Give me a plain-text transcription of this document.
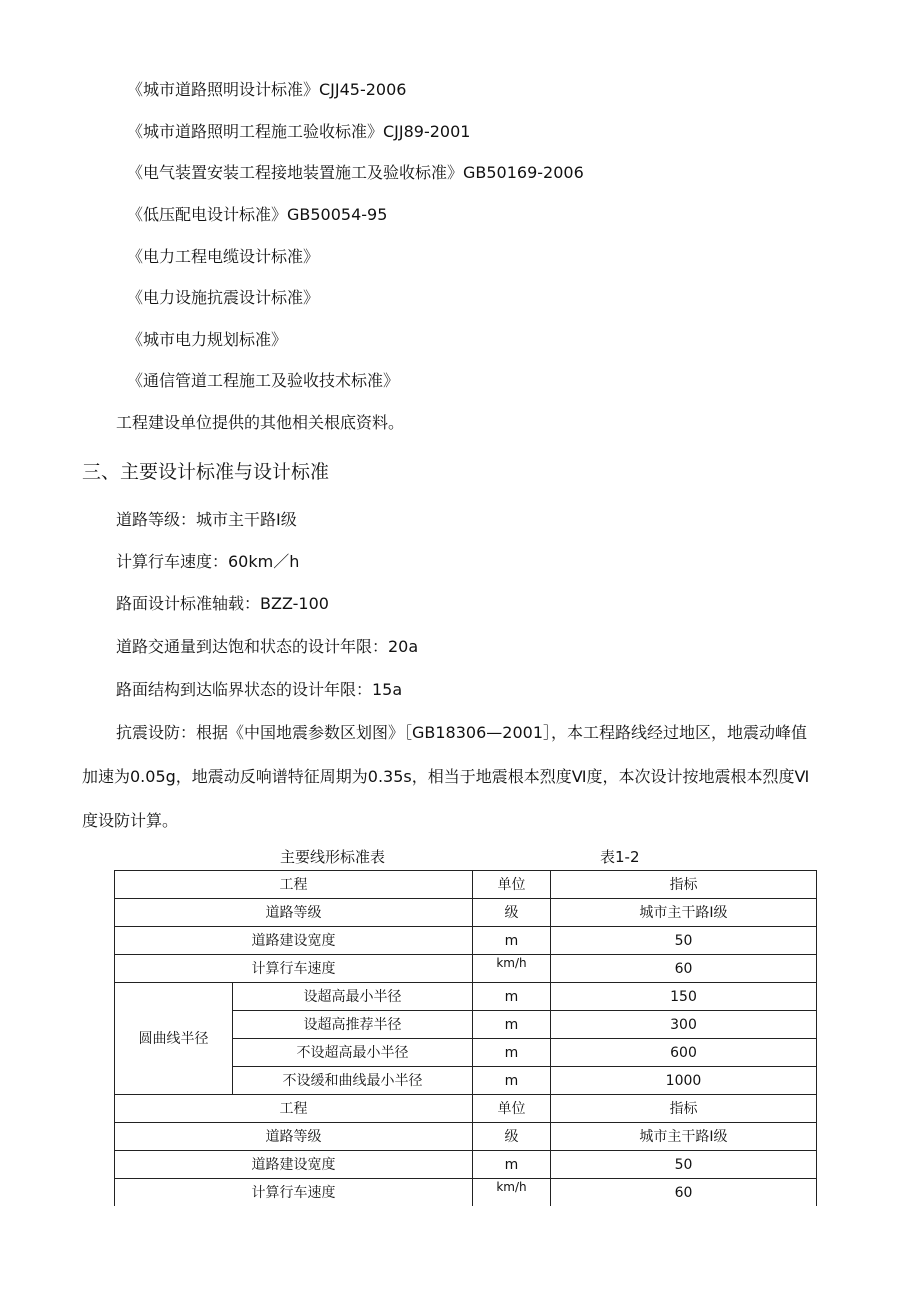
《城市道路照明设计标准》CJJ45-2006
《城市道路照明工程施工验收标准》CJJ89-2001
《电气装置安装工程接地装置施工及验收标准》GB50169-2006
《低压配电设计标准》GB50054-95
《电力工程电缆设计标准》
《电力设施抗震设计标准》
《城市电力规划标准》
《通信管道工程施工及验收技术标准》
工程建设单位提供的其他相关根底资料。
三、主要设计标准与设计标准
道路等级：城市主干路Ⅰ级
计算行车速度：60km／h
路面设计标准轴载：BZZ-100
道路交通量到达饱和状态的设计年限：20a
路面结构到达临界状态的设计年限：15a
抗震设防：根据《中国地震参数区划图》［GB18306—2001］，本工程路线经过地区，地震动峰值
加速为0.05g，地震动反响谱特征周期为0.35s，相当于地震根本烈度Ⅵ度，本次设计按地震根本烈度Ⅵ
度设防计算。
主要线形标准表	表1-2
工程		单位	指标
道路等级		级	城市主干路Ⅰ级
道路建设宽度		m	50
计算行车速度		km/h	60
圆曲线半径	设超高最小半径	m	150
	设超高推荐半径	m	300
	不设超高最小半径	m	600
	不设缓和曲线最小半径	m	1000
工程		单位	指标
道路等级		级	城市主干路Ⅰ级
道路建设宽度		m	50
计算行车速度		km/h	60
